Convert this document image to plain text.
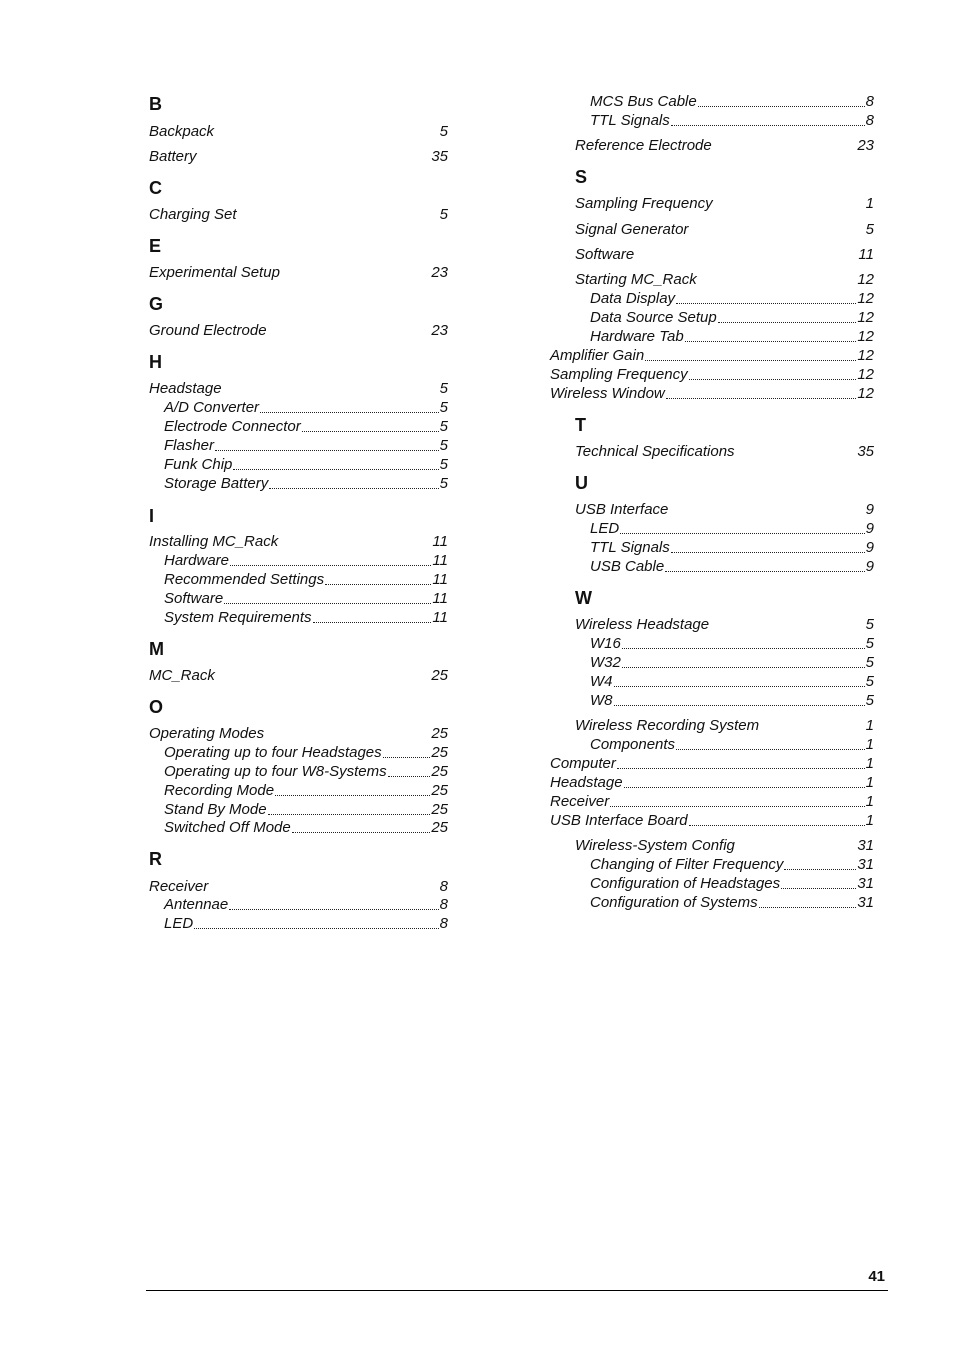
B
Backpack	5
Battery	35
C
Charging Set	5
E
Experimental Setup	23
G
Ground Electrode	23
H
Headstage	5
A/D Converter	5
Electrode Connector	5
Flasher	5
Funk Chip	5
Storage Battery	5
I
Installing MC_Rack	11
Hardware	11
Recommended Settings	11
Software	11
System Requirements	11
M
MC_Rack	25
O
Operating Modes	25
Operating up to four Headstages	25
Operating up to four W8-Systems	25
Recording Mode	25
Stand By Mode	25
Switched Off Mode	25
R
Receiver	8
Antennae	8
LED	8
MCS Bus Cable	8
TTL Signals	8
Reference Electrode	23
S
Sampling Frequency	1
Signal Generator	5
Software	11
Starting MC_Rack	12
Data Display	12
Data Source Setup	12
Hardware Tab	12
Amplifier Gain	12
Sampling Frequency	12
Wireless Window	12
T
Technical Specifications	35
U
USB Interface	9
LED	9
TTL Signals	9
USB Cable	9
W
Wireless Headstage	5
W16	5
W32	5
W4	5
W8	5
Wireless Recording System	1
Components	1
Computer	1
Headstage	1
Receiver	1
USB Interface Board	1
Wireless-System Config	31
Changing of Filter Frequency	31
Configuration of Headstages	31
Configuration of Systems	31
41
